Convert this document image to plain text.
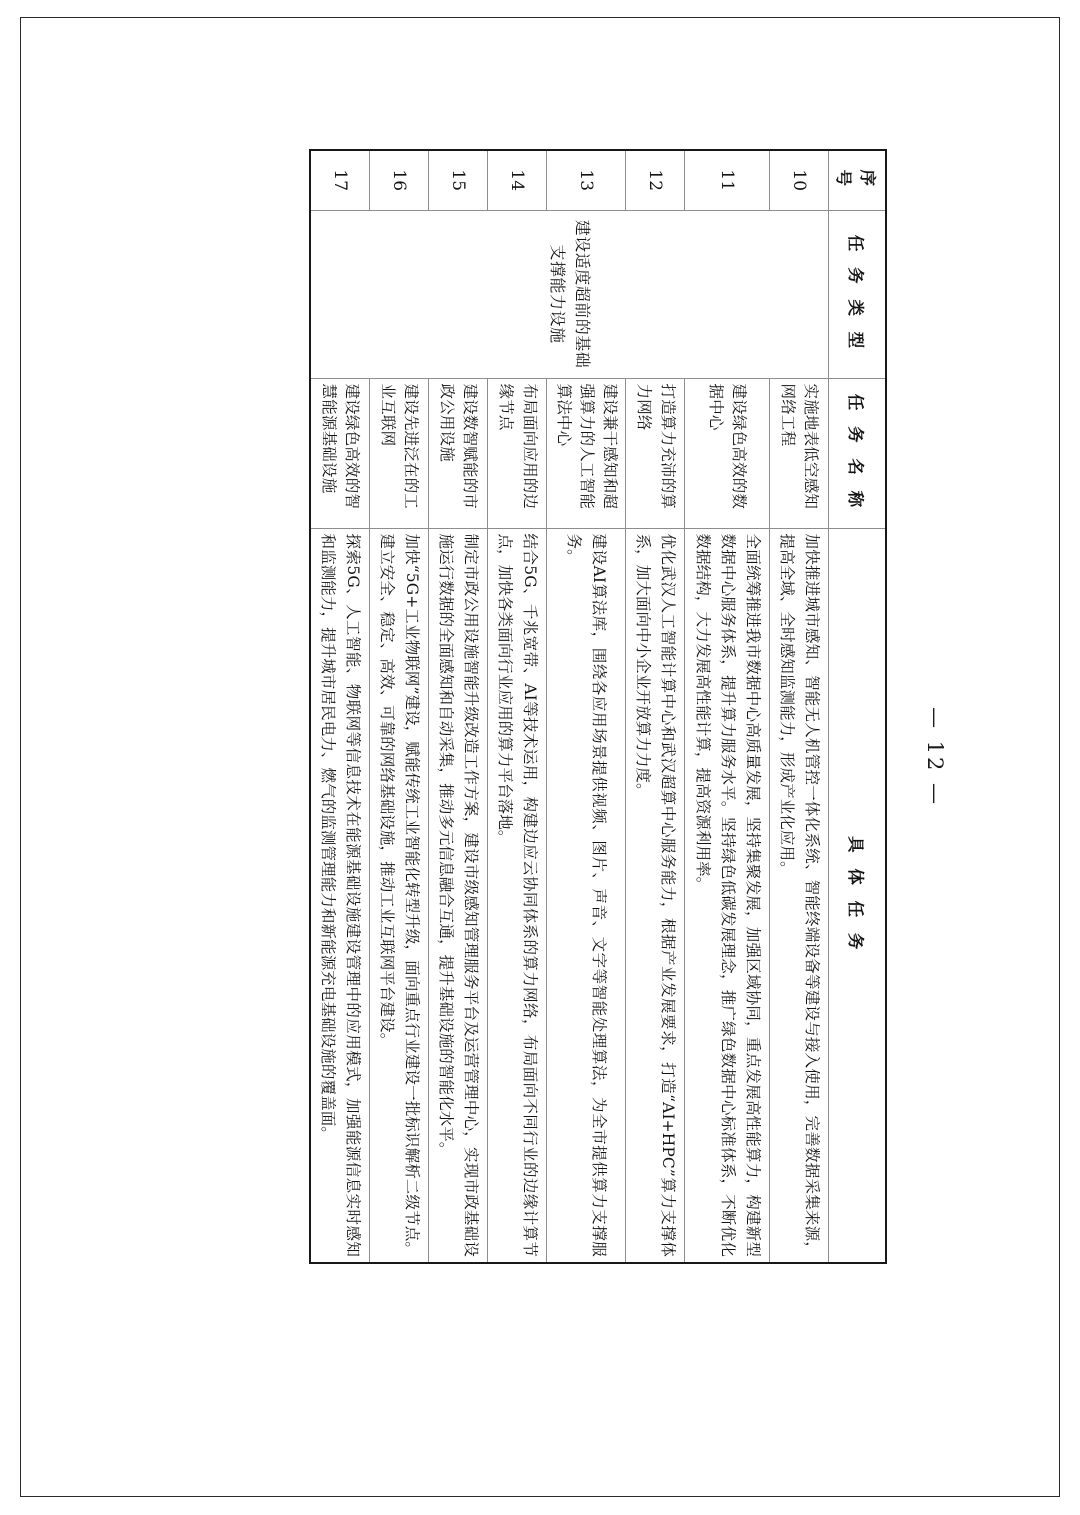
— 12 —
序 号	任 务 类 型	任 务 名 称	具 体 任 务
10	建设适度超前的基础支撑能力设施	实施地表低空感知网络工程	加快推进城市感知、智能无人机管控一体化系统、智能终端设备等建设与接入使用，完善数据采集来源，提高全域、全时感知监测能力，形成产业化应用。
11		建设绿色高效的数据中心	全面统筹推进我市数据中心高质量发展，坚持集聚发展，加强区域协同，重点发展高性能算力，构建新型数据中心服务体系，提升算力服务水平。坚持绿色低碳发展理念，推广绿色数据中心标准体系，不断优化数据结构，大力发展高性能计算，提高资源利用率。
12		打造算力充沛的算力网络	优化武汉人工智能计算中心和武汉超算中心服务能力，根据产业发展要求，打造“AI+HPC”算力支撑体系，加大面向中小企业开放算力力度。
13		建设兼干感知和超强算力的人工智能算法中心	建设AI算法库，围绕各应用场景提供视频、图片、声音、文字等智能处理算法，为全市提供算力支撑服务。
14		布局面向应用的边缘节点	结合5G、千兆宽带、AI等技术运用，构建边应云协同体系的算力网络，布局面向不同行业的边缘计算节点，加快各类面向行业应用的算力平台落地。
15		建设数智赋能的市政公用设施	制定市政公用设施智能升级改造工作方案，建设市级感知管理服务平台及运营管理中心，实现市政基础设施运行数据的全面感知和自动采集，推动多元信息融合互通，提升基础设施的智能化水平。
16		建设先进泛在的工业互联网	加快“5G+工业物联网”建设，赋能传统工业智能化转型升级，面向重点行业建设一批标识解析二级节点。建立安全、稳定、高效、可靠的网络基础设施，推动工业互联网平台建设。
17		建设绿色高效的智慧能源基础设施	探索5G、人工智能、物联网等信息技术在能源基础设施建设管理中的应用模式，加强能源信息实时感知和监测能力，提升城市居民电力、燃气的监测管理能力和新能源充电基础设施的覆盖面。
